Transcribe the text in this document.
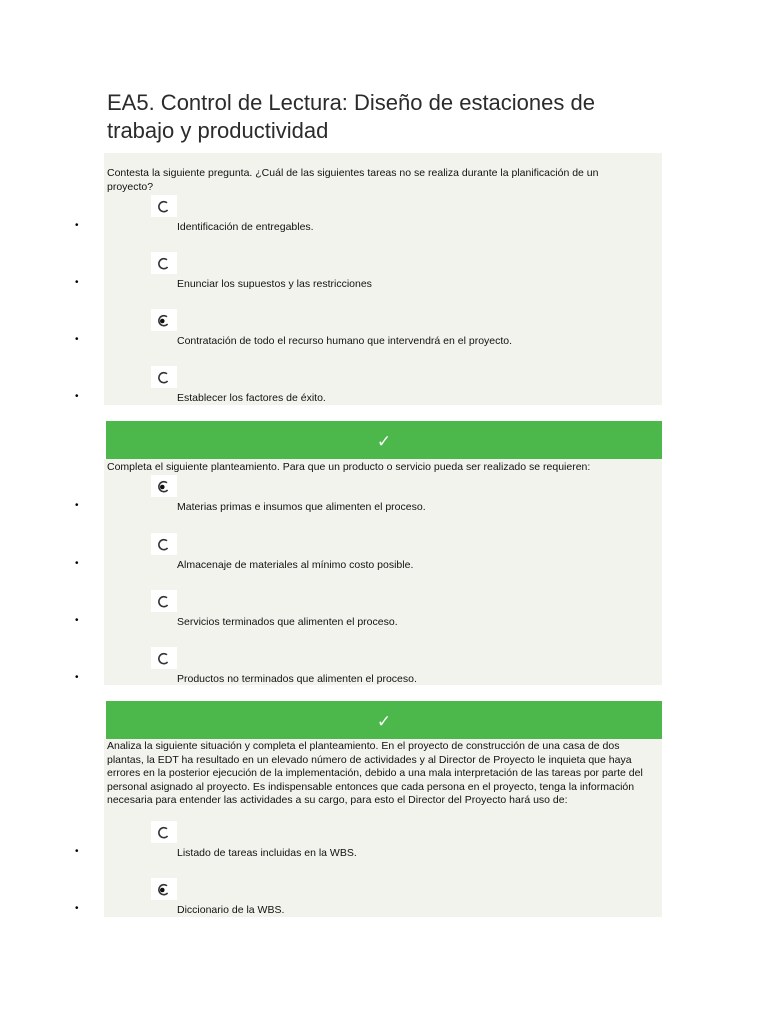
EA5. Control de Lectura: Diseño de estaciones de trabajo y productividad

Contesta la siguiente pregunta. ¿Cuál de las siguientes tareas no se realiza durante la planificación de un proyecto?

•	Identificación de entregables.
•	Enunciar los supuestos y las restricciones
•	Contratación de todo el recurso humano que intervendrá en el proyecto.
•	Establecer los factores de éxito.
✓

Completa el siguiente planteamiento. Para que un producto o servicio pueda ser realizado se requieren:

•	Materias primas e insumos que alimenten el proceso.
•	Almacenaje de materiales al mínimo costo posible.
•	Servicios terminados que alimenten el proceso.
•	Productos no terminados que alimenten el proceso.
✓

Analiza la siguiente situación y completa el planteamiento. En el proyecto de construcción de una casa de dos plantas, la EDT ha resultado en un elevado número de actividades y al Director de Proyecto le inquieta que haya errores en la posterior ejecución de la implementación, debido a una mala interpretación de las tareas por parte del personal asignado al proyecto. Es indispensable entonces que cada persona en el proyecto, tenga la información necesaria para entender las actividades a su cargo, para esto el Director del Proyecto hará uso de:

•	Listado de tareas incluidas en la WBS.
•	Diccionario de la WBS.
